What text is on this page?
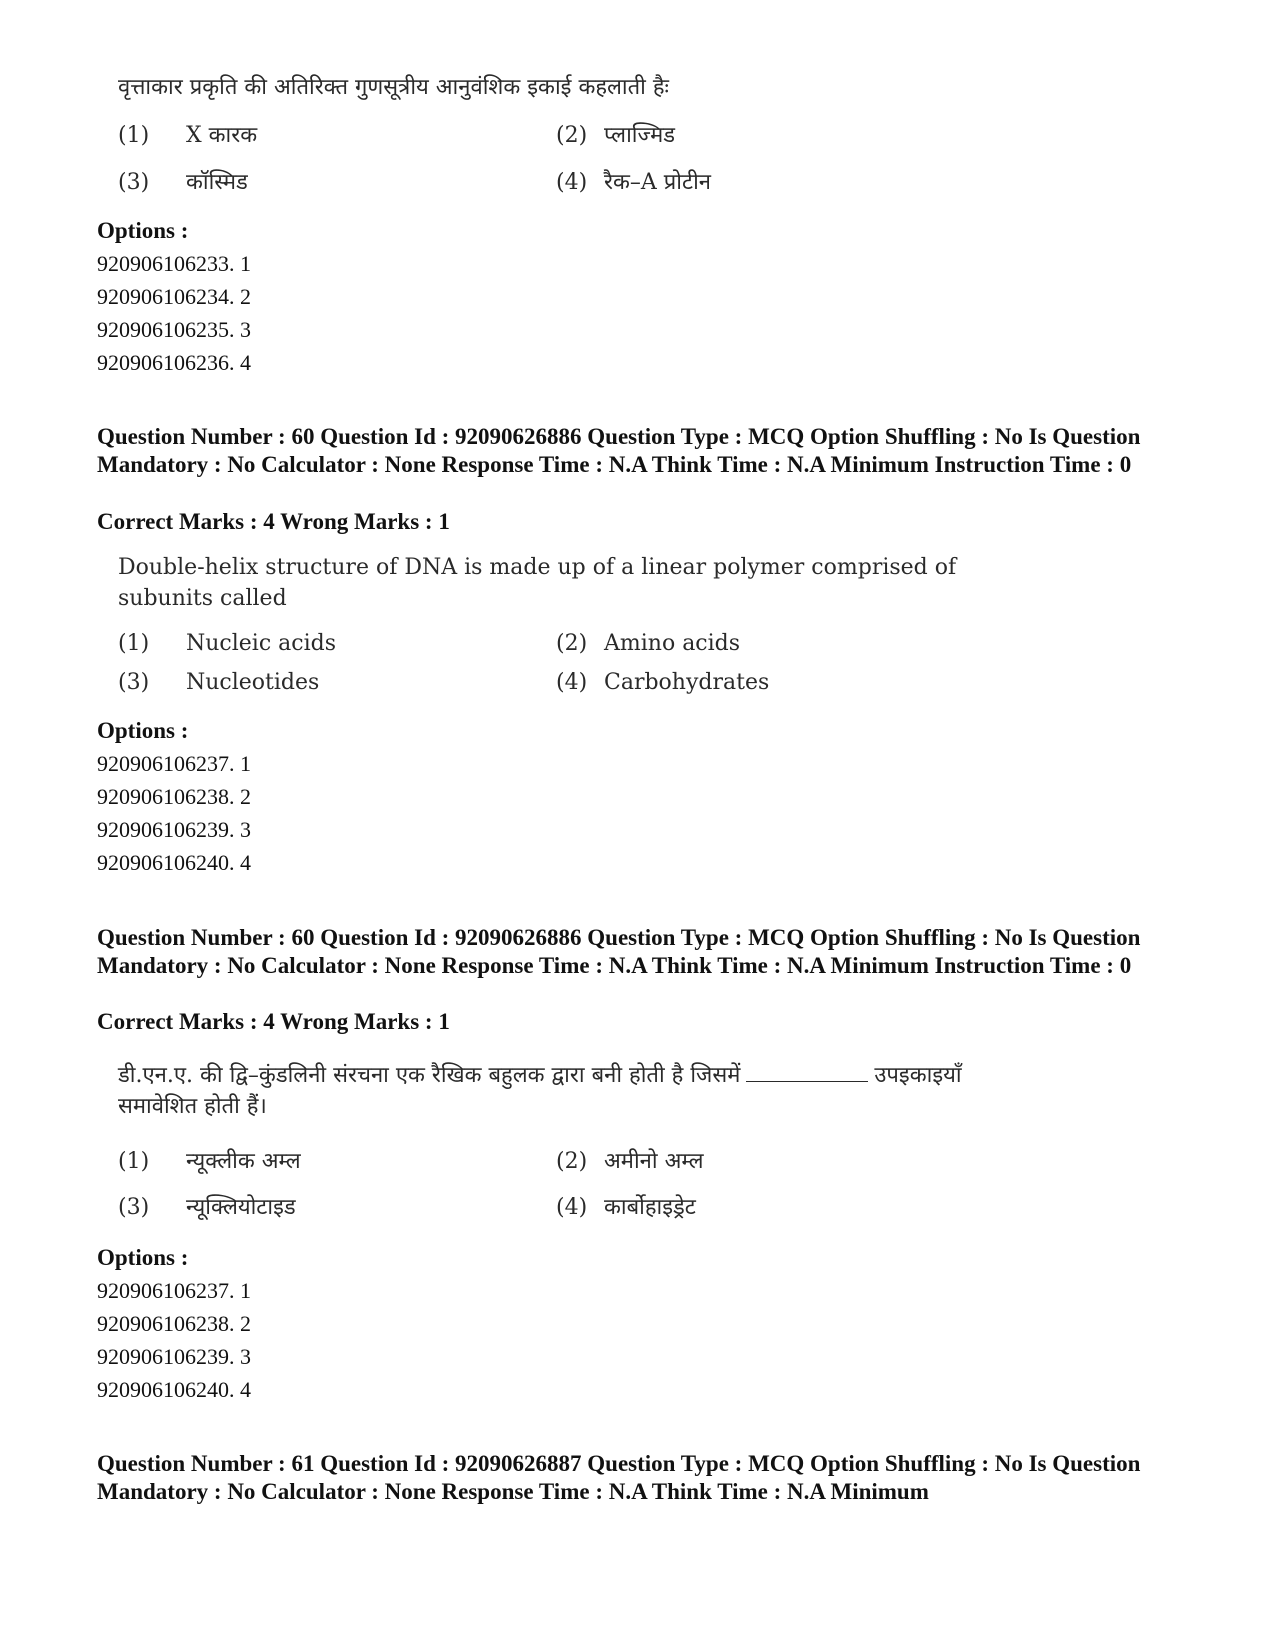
वृत्ताकार प्रकृति की अतिरिक्त गुणसूत्रीय आनुवंशिक इकाई कहलाती हैः
(1) X कारक	(2) प्लाज्मिड
(3) कॉस्मिड	(4) रैक–A प्रोटीन
Options :
920906106233. 1
920906106234. 2
920906106235. 3
920906106236. 4
Question Number : 60 Question Id : 92090626886 Question Type : MCQ Option Shuffling : No Is Question Mandatory : No Calculator : None Response Time : N.A Think Time : N.A Minimum Instruction Time : 0
Correct Marks : 4 Wrong Marks : 1
Double-helix structure of DNA is made up of a linear polymer comprised of subunits called
(1) Nucleic acids	(2) Amino acids
(3) Nucleotides	(4) Carbohydrates
Options :
920906106237. 1
920906106238. 2
920906106239. 3
920906106240. 4
Question Number : 60 Question Id : 92090626886 Question Type : MCQ Option Shuffling : No Is Question Mandatory : No Calculator : None Response Time : N.A Think Time : N.A Minimum Instruction Time : 0
Correct Marks : 4 Wrong Marks : 1
डी.एन.ए. की द्वि–कुंडलिनी संरचना एक रैखिक बहुलक द्वारा बनी होती है जिसमें	उपइकाइयाँ समावेशित होती हैं।
(1) न्यूक्लीक अम्ल	(2) अमीनो अम्ल
(3) न्यूक्लियोटाइड	(4) कार्बोहाइड्रेट
Options :
920906106237. 1
920906106238. 2
920906106239. 3
920906106240. 4
Question Number : 61 Question Id : 92090626887 Question Type : MCQ Option Shuffling : No Is Question Mandatory : No Calculator : None Response Time : N.A Think Time : N.A Minimum
